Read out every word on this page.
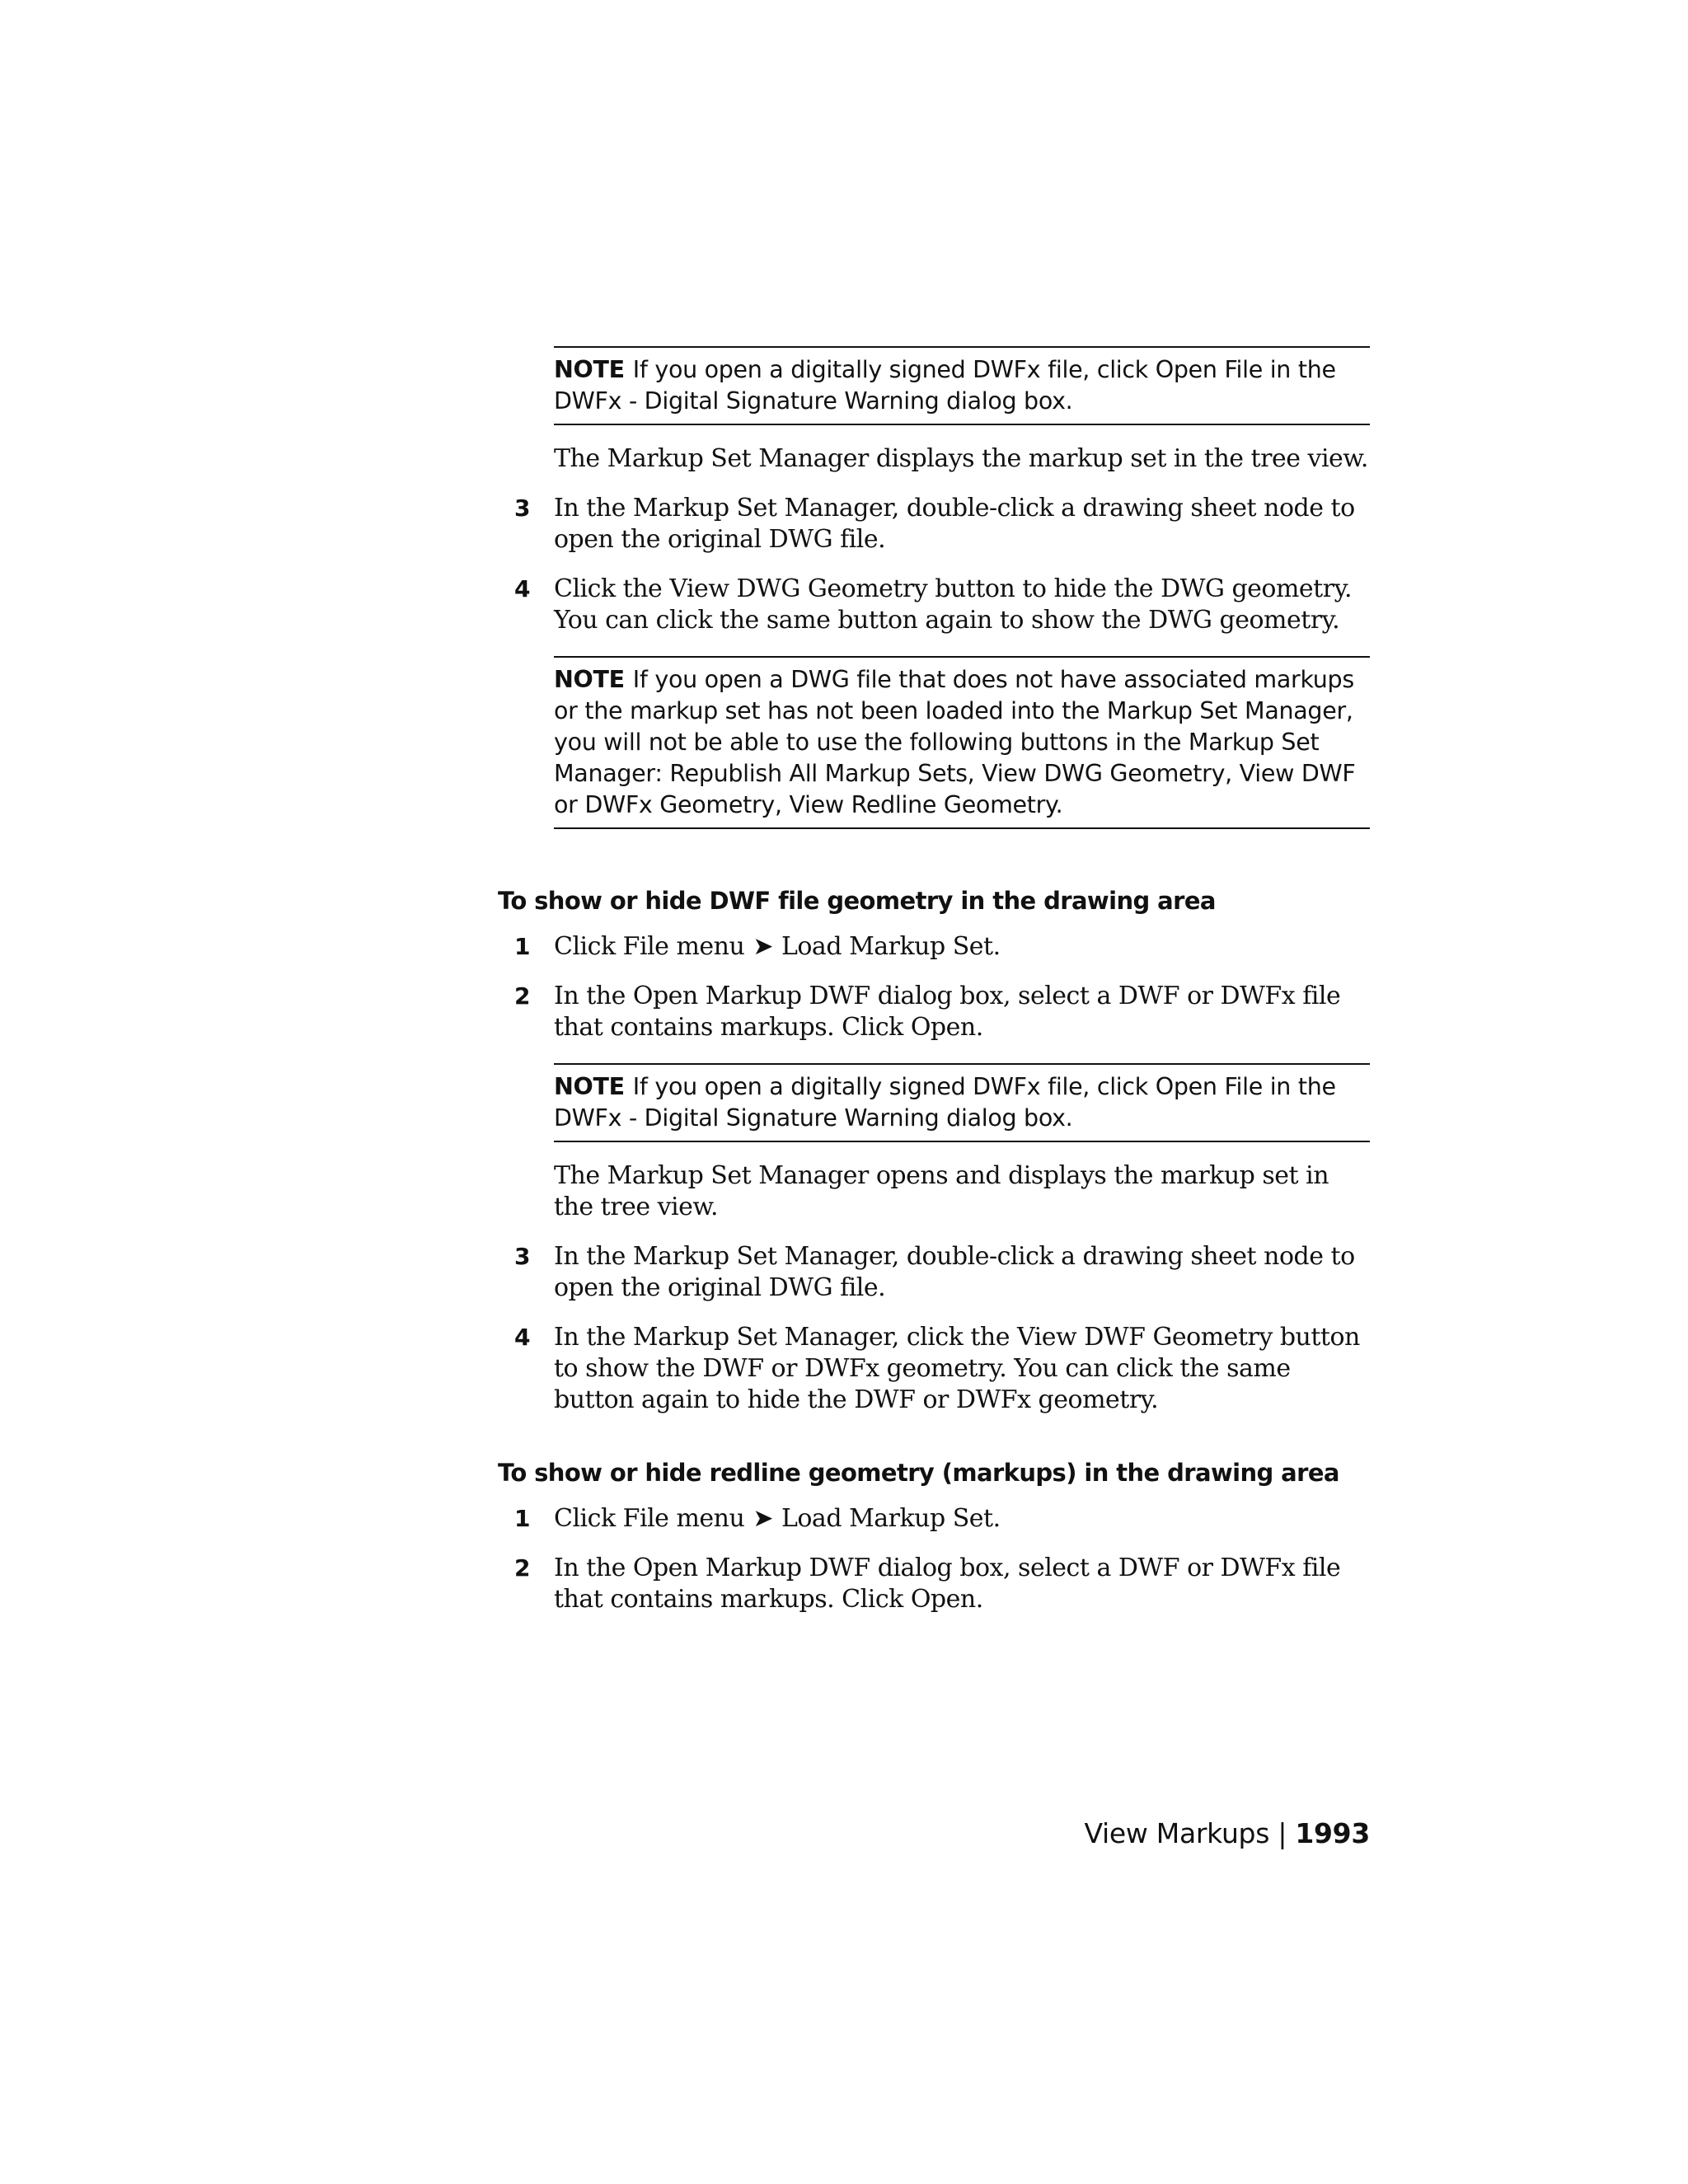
NOTE If you open a digitally signed DWFx file, click Open File in the DWFx - Digital Signature Warning dialog box.
The Markup Set Manager displays the markup set in the tree view.
3 In the Markup Set Manager, double-click a drawing sheet node to open the original DWG file.
4 Click the View DWG Geometry button to hide the DWG geometry. You can click the same button again to show the DWG geometry.
NOTE If you open a DWG file that does not have associated markups or the markup set has not been loaded into the Markup Set Manager, you will not be able to use the following buttons in the Markup Set Manager: Republish All Markup Sets, View DWG Geometry, View DWF or DWFx Geometry, View Redline Geometry.
To show or hide DWF file geometry in the drawing area
1 Click File menu ➤ Load Markup Set.
2 In the Open Markup DWF dialog box, select a DWF or DWFx file that contains markups. Click Open.
NOTE If you open a digitally signed DWFx file, click Open File in the DWFx - Digital Signature Warning dialog box.
The Markup Set Manager opens and displays the markup set in the tree view.
3 In the Markup Set Manager, double-click a drawing sheet node to open the original DWG file.
4 In the Markup Set Manager, click the View DWF Geometry button to show the DWF or DWFx geometry. You can click the same button again to hide the DWF or DWFx geometry.
To show or hide redline geometry (markups) in the drawing area
1 Click File menu ➤ Load Markup Set.
2 In the Open Markup DWF dialog box, select a DWF or DWFx file that contains markups. Click Open.
View Markups | 1993
